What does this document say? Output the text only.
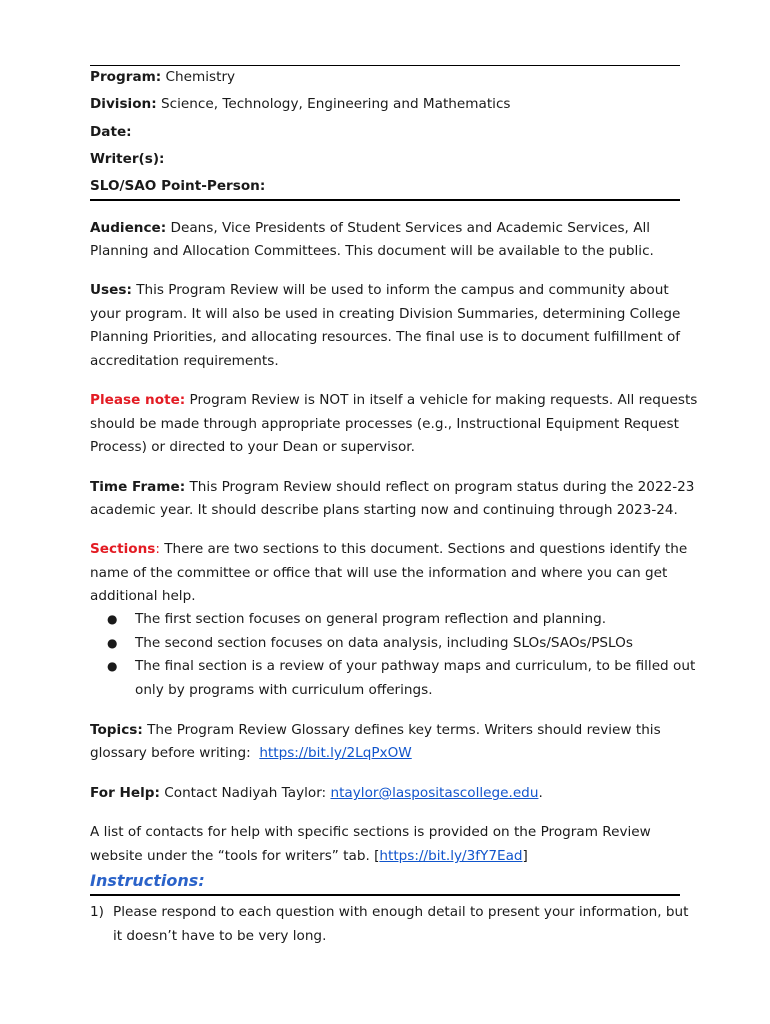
Program: Chemistry
Division: Science, Technology, Engineering and Mathematics
Date:
Writer(s):
SLO/SAO Point-Person:
Audience: Deans, Vice Presidents of Student Services and Academic Services, All
Planning and Allocation Committees. This document will be available to the public.
Uses: This Program Review will be used to inform the campus and community about
your program. It will also be used in creating Division Summaries, determining College
Planning Priorities, and allocating resources. The final use is to document fulfillment of
accreditation requirements.
Please note: Program Review is NOT in itself a vehicle for making requests. All requests
should be made through appropriate processes (e.g., Instructional Equipment Request
Process) or directed to your Dean or supervisor.
Time Frame: This Program Review should reflect on program status during the 2022-23
academic year. It should describe plans starting now and continuing through 2023-24.
Sections: There are two sections to this document. Sections and questions identify the
name of the committee or office that will use the information and where you can get
additional help.
● The first section focuses on general program reflection and planning.
● The second section focuses on data analysis, including SLOs/SAOs/PSLOs
● The final section is a review of your pathway maps and curriculum, to be filled out
only by programs with curriculum offerings.
Topics: The Program Review Glossary defines key terms. Writers should review this
glossary before writing: https://bit.ly/2LqPxOW
For Help: Contact Nadiyah Taylor: ntaylor@laspositascollege.edu.
A list of contacts for help with specific sections is provided on the Program Review
website under the “tools for writers” tab. [https://bit.ly/3fY7Ead]
Instructions:
1) Please respond to each question with enough detail to present your information, but
it doesn’t have to be very long.
